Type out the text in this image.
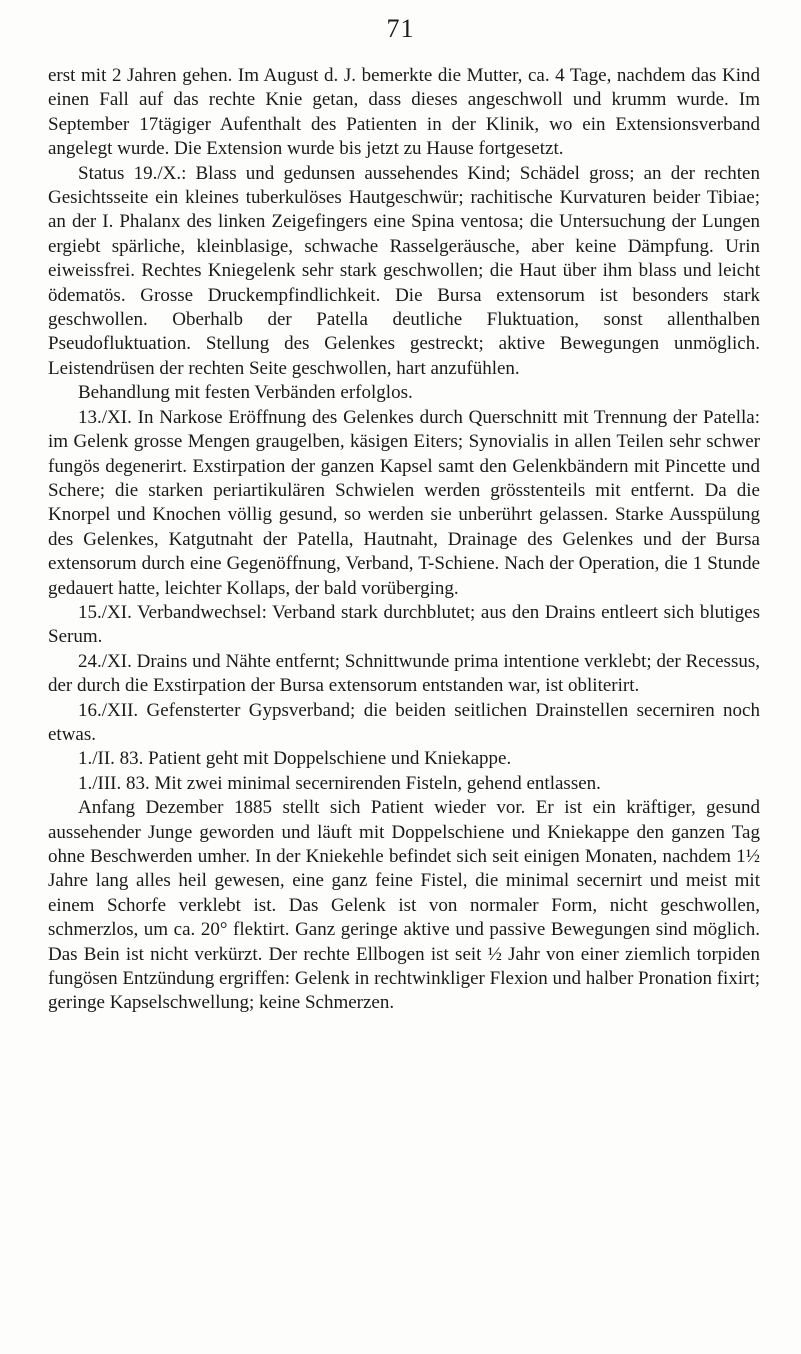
71

erst mit 2 Jahren gehen. Im August d. J. bemerkte die Mutter, ca. 4 Tage, nachdem das Kind einen Fall auf das rechte Knie getan, dass dieses angeschwoll und krumm wurde. Im September 17tägiger Aufenthalt des Patienten in der Klinik, wo ein Extensionsverband angelegt wurde. Die Extension wurde bis jetzt zu Hause fortgesetzt.

Status 19./X.: Blass und gedunsen aussehendes Kind; Schädel gross; an der rechten Gesichtsseite ein kleines tuberkulöses Hautgeschwür; rachitische Kurvaturen beider Tibiae; an der I. Phalanx des linken Zeigefingers eine Spina ventosa; die Untersuchung der Lungen ergiebt spärliche, kleinblasige, schwache Rasselgeräusche, aber keine Dämpfung. Urin eiweissfrei. Rechtes Kniegelenk sehr stark geschwollen; die Haut über ihm blass und leicht ödematös. Grosse Druckempfindlichkeit. Die Bursa extensorum ist besonders stark geschwollen. Oberhalb der Patella deutliche Fluktuation, sonst allenthalben Pseudofluktuation. Stellung des Gelenkes gestreckt; aktive Bewegungen unmöglich. Leistendrüsen der rechten Seite geschwollen, hart anzufühlen.

Behandlung mit festen Verbänden erfolglos.

13./XI. In Narkose Eröffnung des Gelenkes durch Querschnitt mit Trennung der Patella: im Gelenk grosse Mengen graugelben, käsigen Eiters; Synovialis in allen Teilen sehr schwer fungös degenerirt. Exstirpation der ganzen Kapsel samt den Gelenkbändern mit Pincette und Schere; die starken periartikulären Schwielen werden grösstenteils mit entfernt. Da die Knorpel und Knochen völlig gesund, so werden sie unberührt gelassen. Starke Ausspülung des Gelenkes, Katgutnaht der Patella, Hautnaht, Drainage des Gelenkes und der Bursa extensorum durch eine Gegenöffnung, Verband, T-Schiene. Nach der Operation, die 1 Stunde gedauert hatte, leichter Kollaps, der bald vorüberging.

15./XI. Verbandwechsel: Verband stark durchblutet; aus den Drains entleert sich blutiges Serum.

24./XI. Drains und Nähte entfernt; Schnittwunde prima intentione verklebt; der Recessus, der durch die Exstirpation der Bursa extensorum entstanden war, ist obliterirt.

16./XII. Gefensterter Gypsverband; die beiden seitlichen Drainstellen secerniren noch etwas.

1./II. 83. Patient geht mit Doppelschiene und Kniekappe.

1./III. 83. Mit zwei minimal secernirenden Fisteln, gehend entlassen.

Anfang Dezember 1885 stellt sich Patient wieder vor. Er ist ein kräftiger, gesund aussehender Junge geworden und läuft mit Doppelschiene und Kniekappe den ganzen Tag ohne Beschwerden umher. In der Kniekehle befindet sich seit einigen Monaten, nachdem 1½ Jahre lang alles heil gewesen, eine ganz feine Fistel, die minimal secernirt und meist mit einem Schorfe verklebt ist. Das Gelenk ist von normaler Form, nicht geschwollen, schmerzlos, um ca. 20° flektirt. Ganz geringe aktive und passive Bewegungen sind möglich. Das Bein ist nicht verkürzt. Der rechte Ellbogen ist seit ½ Jahr von einer ziemlich torpiden fungösen Entzündung ergriffen: Gelenk in rechtwinkliger Flexion und halber Pronation fixirt; geringe Kapselschwellung; keine Schmerzen.
